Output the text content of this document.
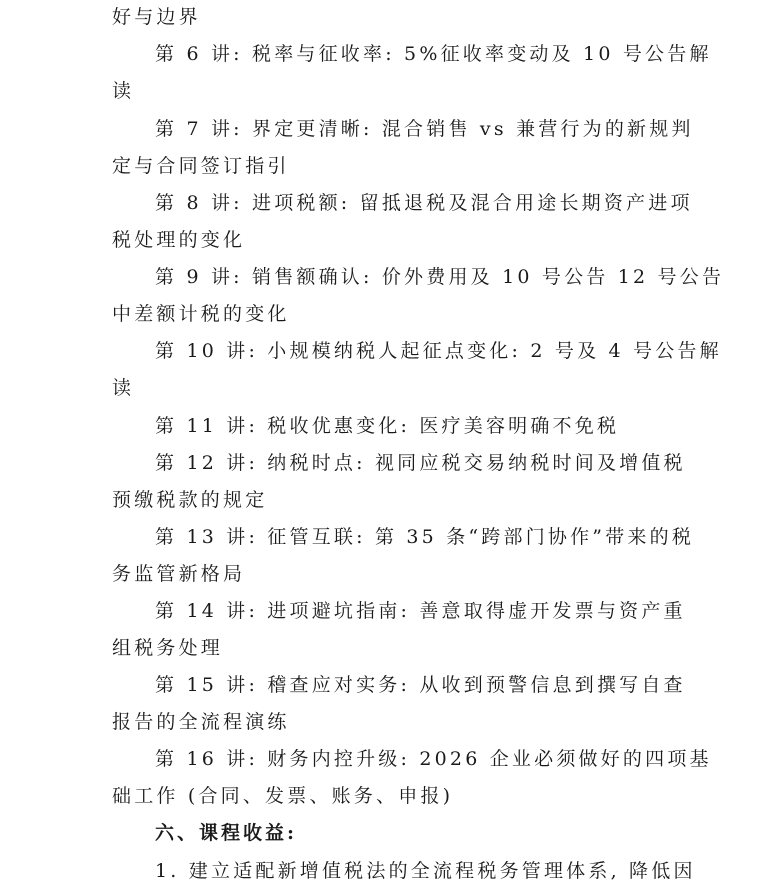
好与边界
第 6 讲: 税率与征收率: 5%征收率变动及 10 号公告解
读
第 7 讲: 界定更清晰: 混合销售 vs 兼营行为的新规判
定与合同签订指引
第 8 讲: 进项税额: 留抵退税及混合用途长期资产进项
税处理的变化
第 9 讲: 销售额确认: 价外费用及 10 号公告 12 号公告
中差额计税的变化
第 10 讲: 小规模纳税人起征点变化: 2 号及 4 号公告解
读
第 11 讲: 税收优惠变化: 医疗美容明确不免税
第 12 讲: 纳税时点: 视同应税交易纳税时间及增值税
预缴税款的规定
第 13 讲: 征管互联: 第 35 条“跨部门协作”带来的税
务监管新格局
第 14 讲: 进项避坑指南: 善意取得虚开发票与资产重
组税务处理
第 15 讲: 稽查应对实务: 从收到预警信息到撰写自查
报告的全流程演练
第 16 讲: 财务内控升级: 2026 企业必须做好的四项基
础工作 (合同、发票、账务、申报)
六、课程收益:
1. 建立适配新增值税法的全流程税务管理体系, 降低因
